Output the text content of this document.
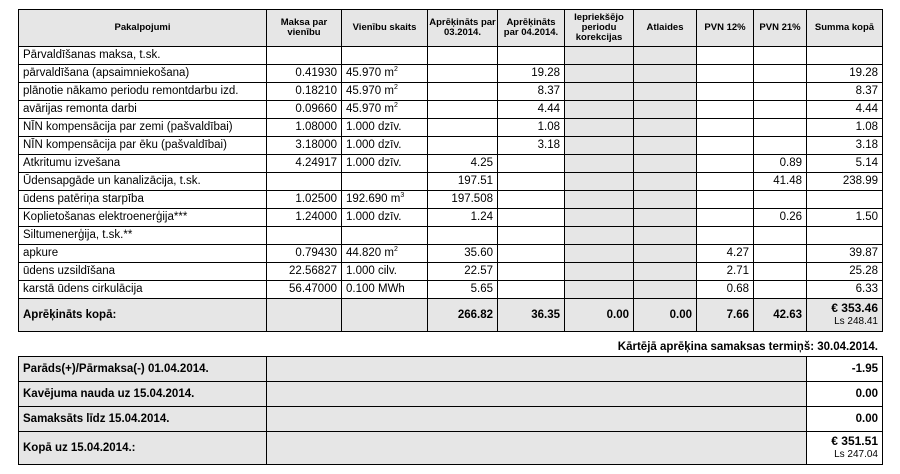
Pakalpojumi	Maksa par vienību	Vienību skaits	Aprēķināts par 03.2014.	Aprēķināts par 04.2014.	Iepriekšējo periodu korekcijas	Atlaides	PVN 12%	PVN 21%	Summa kopā
Pārvaldīšanas maksa, t.sk.									
pārvaldīšana (apsaimniekošana)	0.41930	45.970 $m^2$		19.28					19.28
plānotie nākamo periodu remontdarbu izd.	0.18210	45.970 $m^2$		8.37					8.37
avārijas remonta darbi	0.09660	45.970 $m^2$		4.44					4.44
NĪN kompensācija par zemi (pašvaldībai)	1.08000	1.000 dzīv.		1.08					1.08
NĪN kompensācija par ēku (pašvaldībai)	3.18000	1.000 dzīv.		3.18					3.18
Atkritumu izvešana	4.24917	1.000 dzīv.	4.25					0.89	5.14
Ūdensapgāde un kanalizācija, t.sk.			197.51					41.48	238.99
ūdens patēriņa starpība	1.02500	192.690 $m^3$	197.508						
Koplietošanas elektroenerģija***	1.24000	1.000 dzīv.	1.24					0.26	1.50
Siltumenerģija, t.sk.**									
apkure	0.79430	44.820 $m^2$	35.60				4.27		39.87
ūdens uzsildīšana	22.56827	1.000 cilv.	22.57				2.71		25.28
karstā ūdens cirkulācija	56.47000	0.100 MWh	5.65				0.68		6.33
Aprēķināts kopā:			266.82	36.35	0.00	0.00	7.66	42.63	€ 353.46
Ls 248.41
Kārtējā aprēķina samaksas termiņš: 30.04.2014.
Parāds(+)/Pārmaksa(-) 01.04.2014.		-1.95
Kavējuma nauda uz 15.04.2014.		0.00
Samaksāts līdz 15.04.2014.		0.00
Kopā uz 15.04.2014.:		€ 351.51
Ls 247.04
